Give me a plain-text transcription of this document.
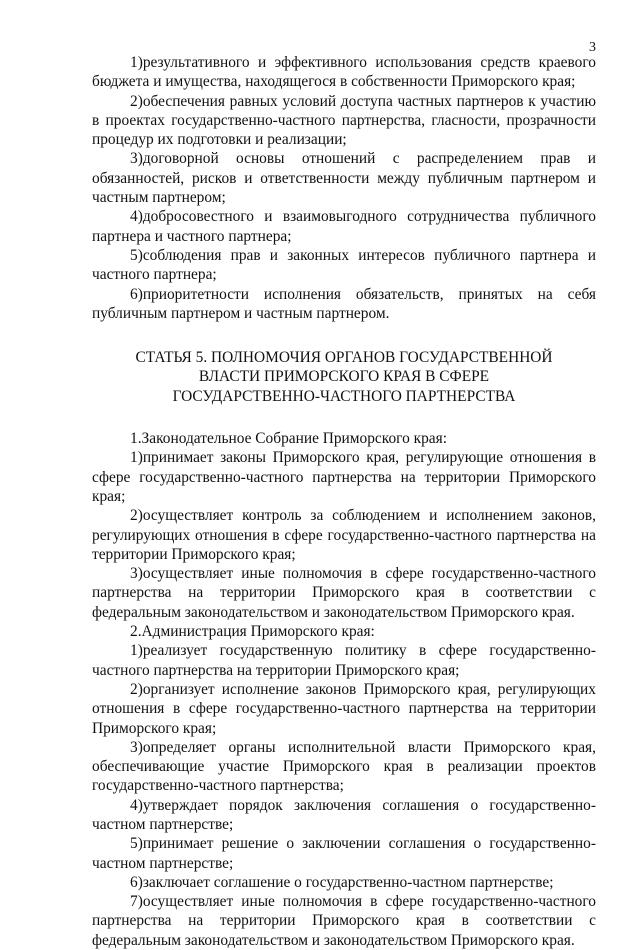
3

1)результативного и эффективного использования средств краевого бюджета и имущества, находящегося в собственности Приморского края;

2)обеспечения равных условий доступа частных партнеров к участию в проектах государственно-частного партнерства, гласности, прозрачности процедур их подготовки и реализации;

3)договорной основы отношений с распределением прав и обязанностей, рисков и ответственности между публичным партнером и частным партнером;

4)добросовестного и взаимовыгодного сотрудничества публичного партнера и частного партнера;

5)соблюдения прав и законных интересов публичного партнера и частного партнера;

6)приоритетности исполнения обязательств, принятых на себя публичным партнером и частным партнером.

СТАТЬЯ 5. ПОЛНОМОЧИЯ ОРГАНОВ ГОСУДАРСТВЕННОЙ
ВЛАСТИ ПРИМОРСКОГО КРАЯ В СФЕРЕ
ГОСУДАРСТВЕННО-ЧАСТНОГО ПАРТНЕРСТВА

1.Законодательное Собрание Приморского края:

1)принимает законы Приморского края, регулирующие отношения в сфере государственно-частного партнерства на территории Приморского края;

2)осуществляет контроль за соблюдением и исполнением законов, регулирующих отношения в сфере государственно-частного партнерства на территории Приморского края;

3)осуществляет иные полномочия в сфере государственно-частного партнерства на территории Приморского края в соответствии с федеральным законодательством и законодательством Приморского края.

2.Администрация Приморского края:

1)реализует государственную политику в сфере государственно-частного партнерства на территории Приморского края;

2)организует исполнение законов Приморского края, регулирующих отношения в сфере государственно-частного партнерства на территории Приморского края;

3)определяет органы исполнительной власти Приморского края, обеспечивающие участие Приморского края в реализации проектов государственно-частного партнерства;

4)утверждает порядок заключения соглашения о государственно-частном партнерстве;

5)принимает решение о заключении соглашения о государственно-частном партнерстве;

6)заключает соглашение о государственно-частном партнерстве;

7)осуществляет иные полномочия в сфере государственно-частного партнерства на территории Приморского края в соответствии с федеральным законодательством и законодательством Приморского края.
